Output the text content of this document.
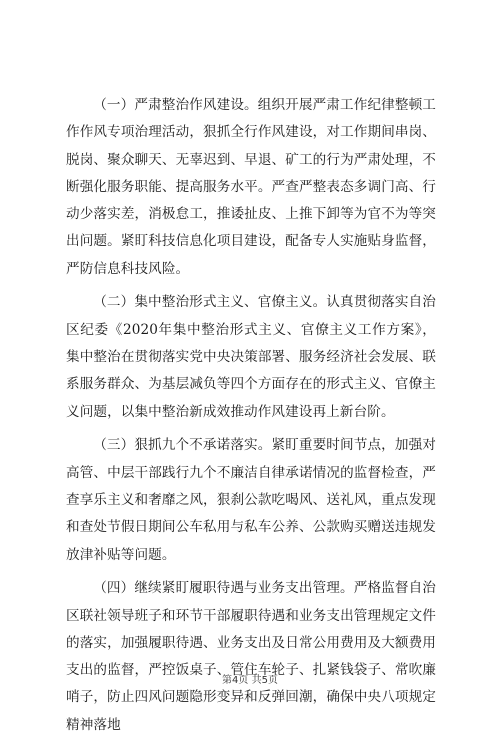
（一）严肃整治作风建设。组织开展严肃工作纪律整顿工作作风专项治理活动，狠抓全行作风建设，对工作期间串岗、脱岗、聚众聊天、无辜迟到、早退、矿工的行为严肃处理，不断强化服务职能、提高服务水平。严查严整表态多调门高、行动少落实差，消极怠工，推诿扯皮、上推下卸等为官不为等突出问题。紧盯科技信息化项目建设，配备专人实施贴身监督，严防信息科技风险。

（二）集中整治形式主义、官僚主义。认真贯彻落实自治区纪委《2020年集中整治形式主义、官僚主义工作方案》，集中整治在贯彻落实党中央决策部署、服务经济社会发展、联系服务群众、为基层减负等四个方面存在的形式主义、官僚主义问题，以集中整治新成效推动作风建设再上新台阶。

（三）狠抓九个不承诺落实。紧盯重要时间节点，加强对高管、中层干部践行九个不廉洁自律承诺情况的监督检查，严查享乐主义和奢靡之风，狠刹公款吃喝风、送礼风，重点发现和查处节假日期间公车私用与私车公养、公款购买赠送违规发放津补贴等问题。

（四）继续紧盯履职待遇与业务支出管理。严格监督自治区联社领导班子和环节干部履职待遇和业务支出管理规定文件的落实，加强履职待遇、业务支出及日常公用费用及大额费用支出的监督，严控饭桌子、管住车轮子、扎紧钱袋子、常吹廉哨子，防止四风问题隐形变异和反弹回潮，确保中央八项规定精神落地

第4页 共5页
